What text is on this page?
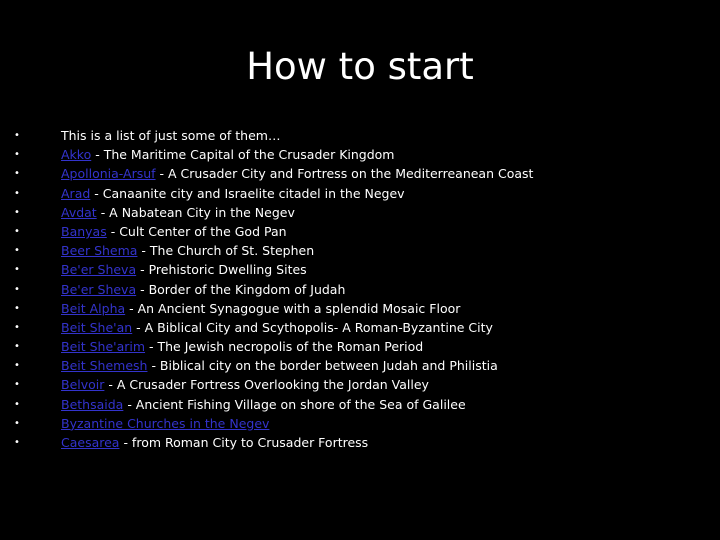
How to start
•
•
•
•
•
•
•
•
•
•
•
•
•
•
•
•
•
This is a list of just some of them…
Akko - The Maritime Capital of the Crusader Kingdom
Apollonia-Arsuf - A Crusader City and Fortress on the Mediterreanean Coast
Arad - Canaanite city and Israelite citadel in the Negev
Avdat - A Nabatean City in the Negev
Banyas - Cult Center of the God Pan
Beer Shema - The Church of St. Stephen
Be'er Sheva - Prehistoric Dwelling Sites
Be'er Sheva - Border of the Kingdom of Judah
Beit Alpha - An Ancient Synagogue with a splendid Mosaic Floor
Beit She'an - A Biblical City and Scythopolis- A Roman-Byzantine City
Beit She'arim - The Jewish necropolis of the Roman Period
Beit Shemesh - Biblical city on the border between Judah and Philistia
Belvoir - A Crusader Fortress Overlooking the Jordan Valley
Bethsaida - Ancient Fishing Village on shore of the Sea of Galilee
Byzantine Churches in the Negev
Caesarea - from Roman City to Crusader Fortress
